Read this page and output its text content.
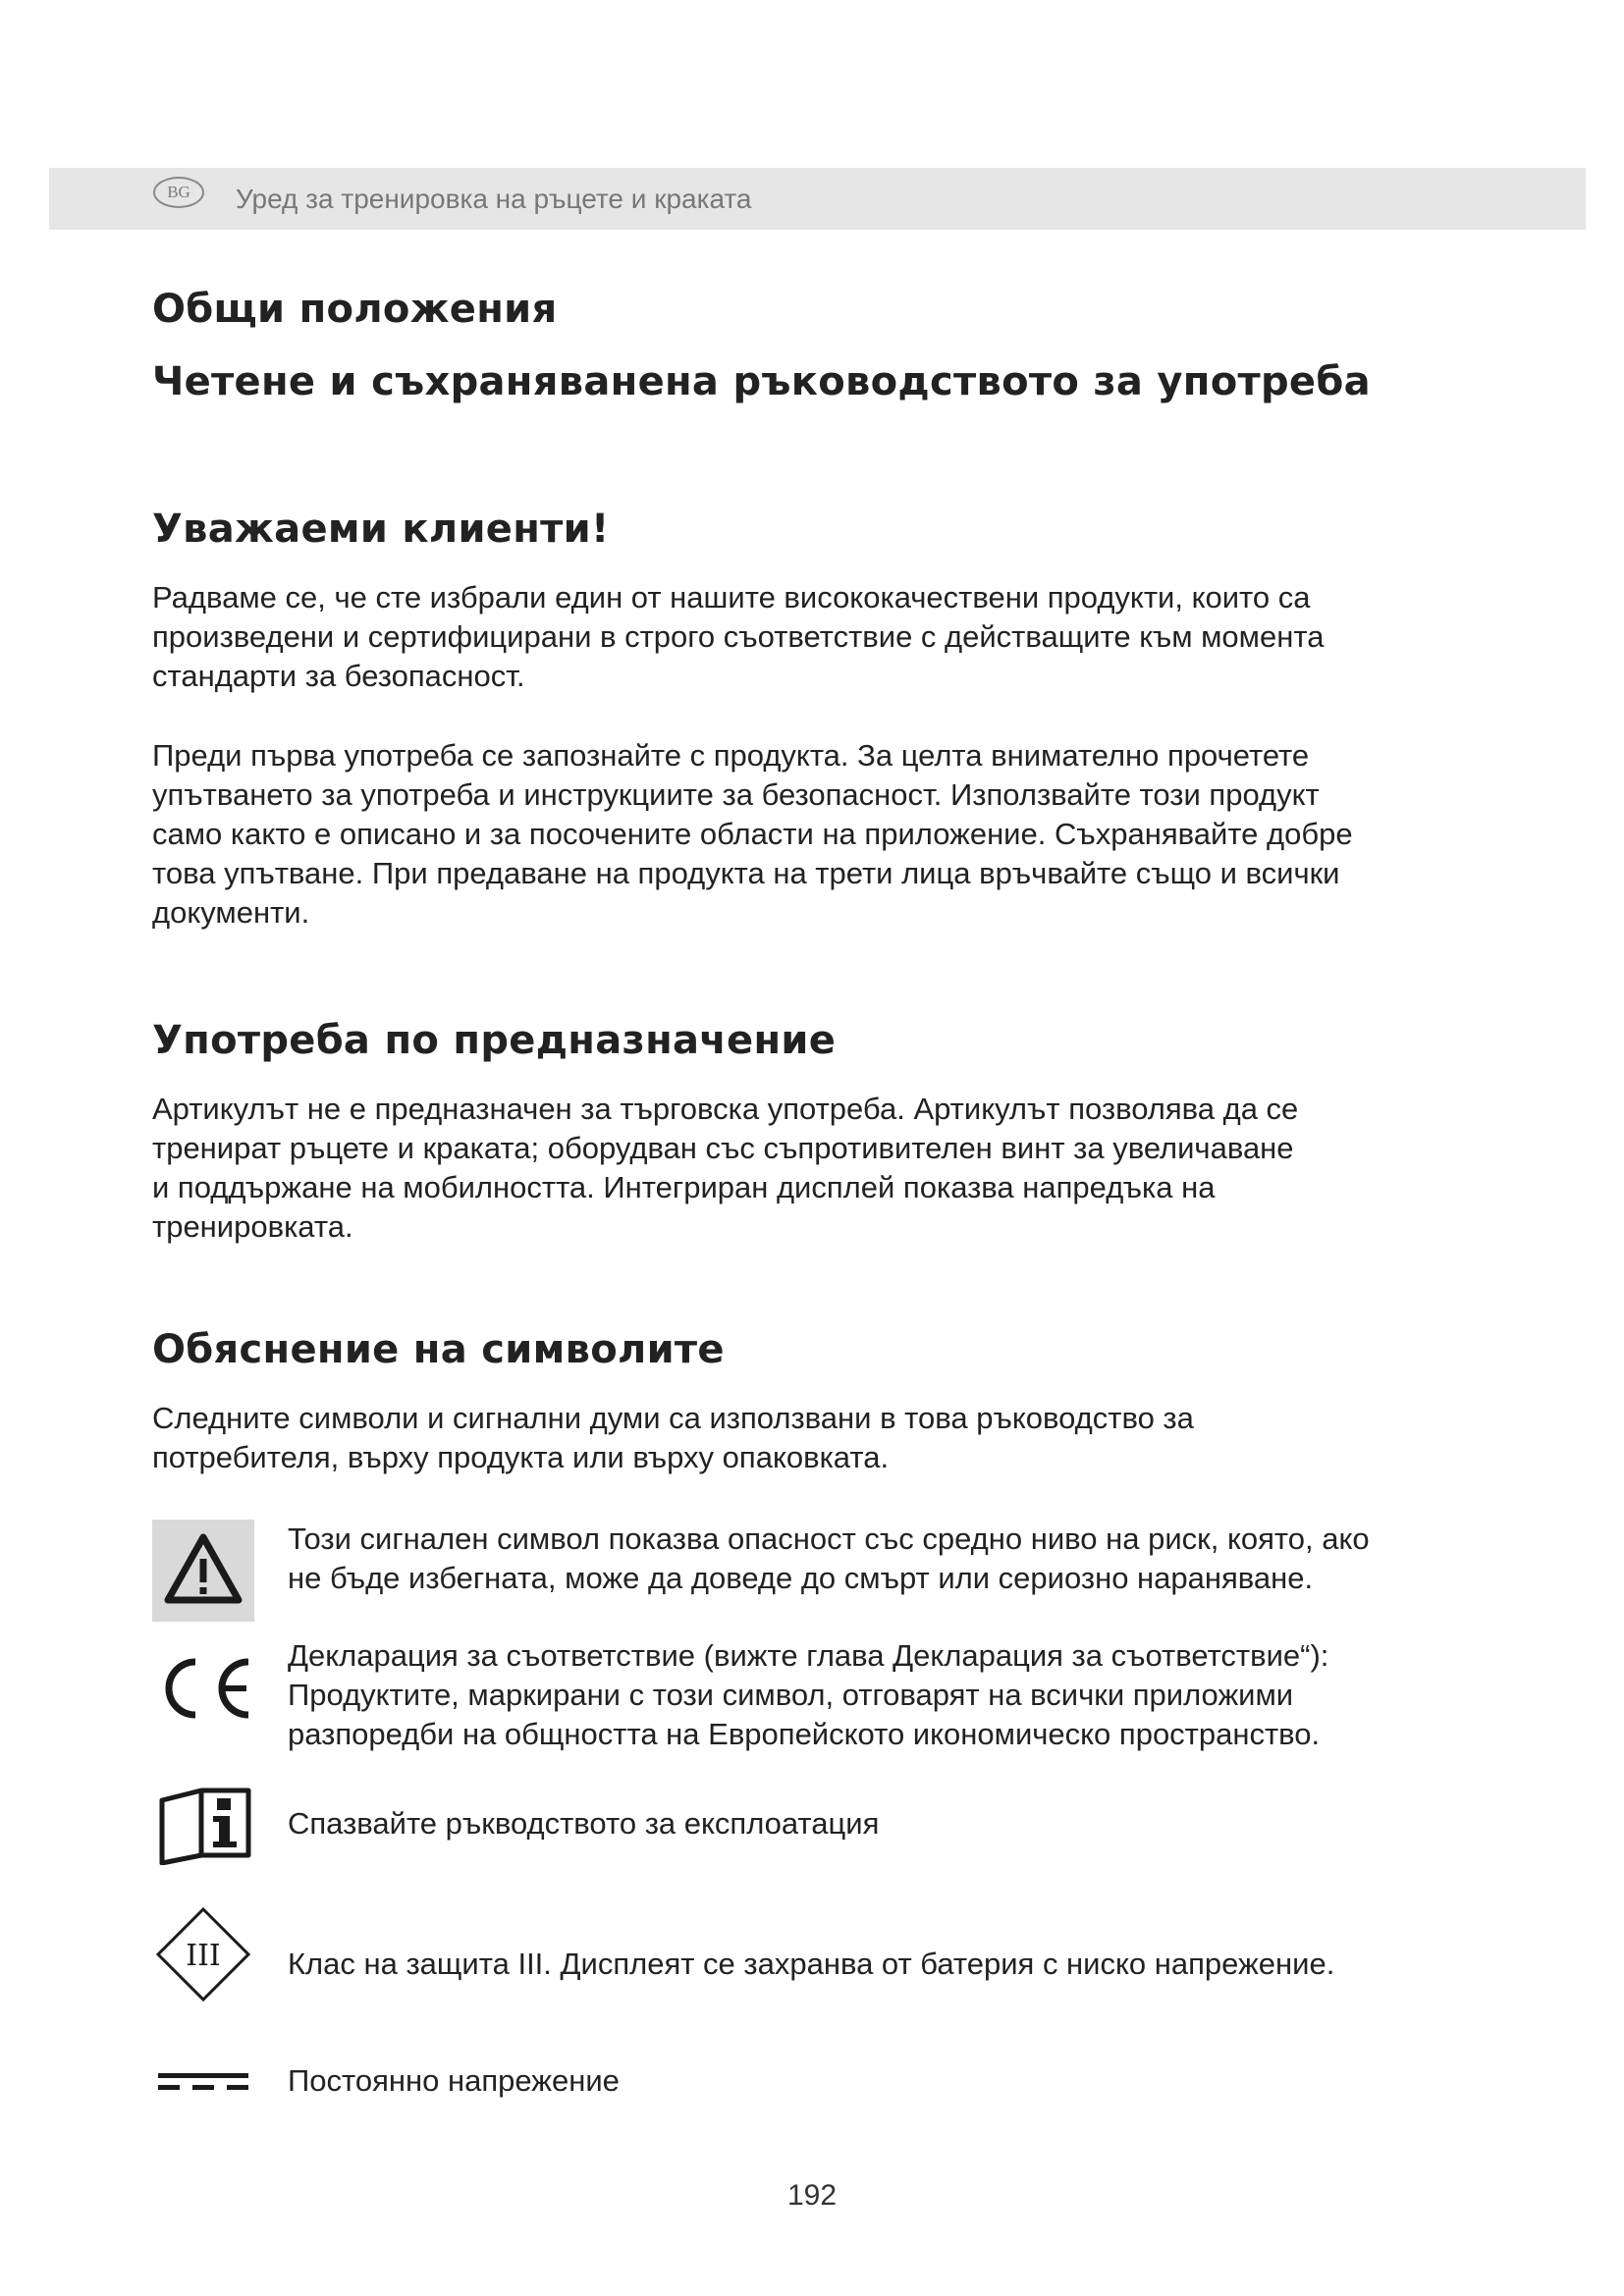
BG	Уред за тренировка на ръцете и краката
Общи положения
Четене и съхраняванена ръководството за употреба
Уважаеми клиенти!
Радваме се, че сте избрали един от нашите висококачествени продукти, които са
произведени и сертифицирани в строго съответствие с действащите към момента
стандарти за безопасност.
Преди първа употреба се запознайте с продукта. За целта внимателно прочетете
упътването за употреба и инструкциите за безопасност. Използвайте този продукт
само както е описано и за посочените области на приложение. Съхранявайте добре
това упътване. При предаване на продукта на трети лица връчвайте също и всички
документи.
Употреба по предназначение
Артикулът не е предназначен за търговска употреба. Артикулът позволява да се
тренират ръцете и краката; оборудван със съпротивителен винт за увеличаване
и поддържане на мобилността. Интегриран дисплей показва напредъка на
тренировката.
Обяснение на символите
Следните символи и сигнални думи са използвани в това ръководство за
потребителя, върху продукта или върху опаковката.
Този сигнален символ показва опасност със средно ниво на риск, която, ако
не бъде избегната, може да доведе до смърт или сериозно нараняване.
Декларация за съответствие (вижте глава Декларация за съответствие“):
Продуктите, маркирани с този символ, отговарят на всички приложими
разпоредби на общността на Европейското икономическо пространство.
Спазвайте ръкводството за експлоатация
III Клас на защита III. Дисплеят се захранва от батерия с ниско напрежение.
Постоянно напрежение
192
